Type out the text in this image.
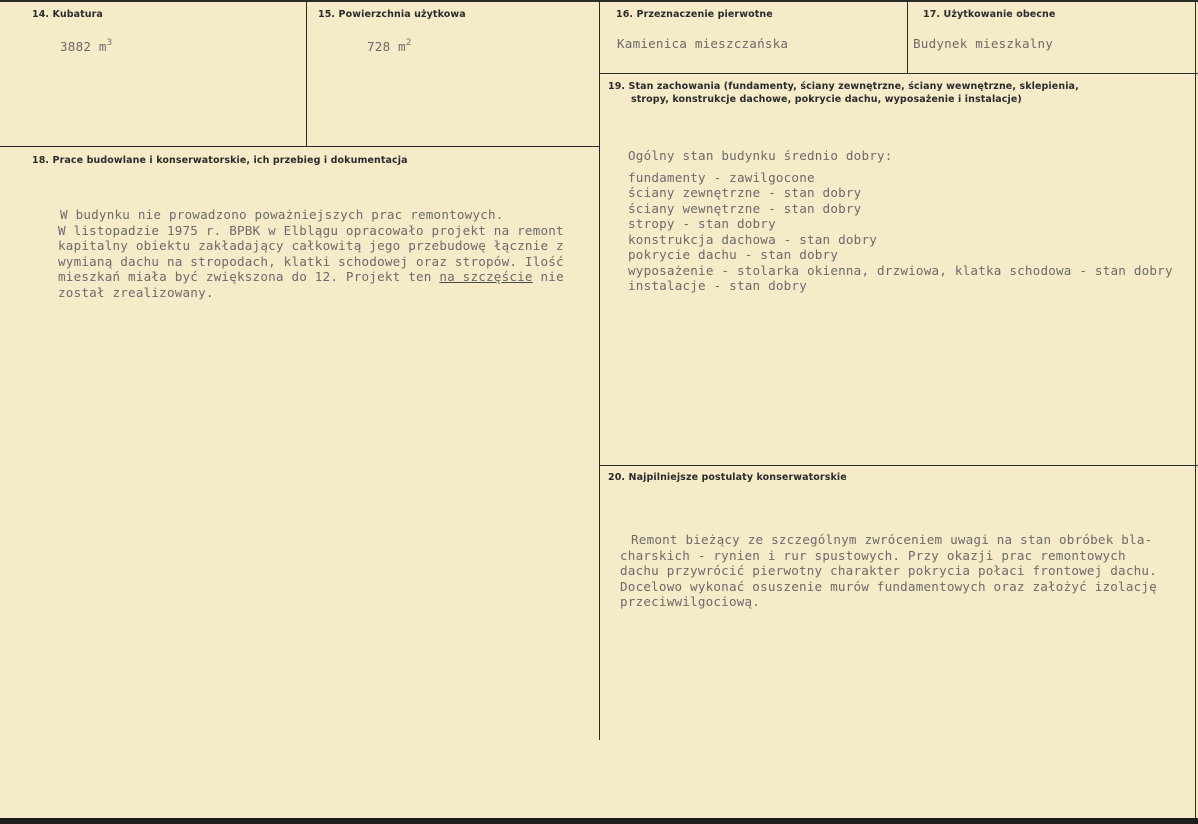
14. Kubatura
3882 $m^3$
15. Powierzchnia użytkowa
728 $m^2$
16. Przeznaczenie pierwotne
Kamienica mieszczańska
17. Użytkowanie obecne
Budynek mieszkalny
18. Prace budowlane i konserwatorskie, ich przebieg i dokumentacja

W budynku nie prowadzono poważniejszych prac remontowych.
W listopadzie 1975 r. BPBK w Elblągu opracowało projekt na remont
kapitalny obiektu zakładający całkowitą jego przebudowę łącznie z
wymianą dachu na stropodach, klatki schodowej oraz stropów. Ilość
mieszkań miała być zwiększona do 12. Projekt ten na szczęście nie
został zrealizowany.

19. Stan zachowania (fundamenty, ściany zewnętrzne, ściany wewnętrzne, sklepienia,
stropy, konstrukcje dachowe, pokrycie dachu, wyposażenie i instalacje)

Ogólny stan budynku średnio dobry:
fundamenty - zawilgocone
ściany zewnętrzne - stan dobry
ściany wewnętrzne - stan dobry
stropy - stan dobry
konstrukcja dachowa - stan dobry
pokrycie dachu - stan dobry
wyposażenie - stolarka okienna, drzwiowa, klatka schodowa - stan dobry
instalacje - stan dobry

20. Najpilniejsze postulaty konserwatorskie

Remont bieżący ze szczególnym zwróceniem uwagi na stan obróbek bla-
charskich - rynien i rur spustowych. Przy okazji prac remontowych
dachu przywrócić pierwotny charakter pokrycia połaci frontowej dachu.
Docelowo wykonać osuszenie murów fundamentowych oraz założyć izolację
przeciwwilgociową.
